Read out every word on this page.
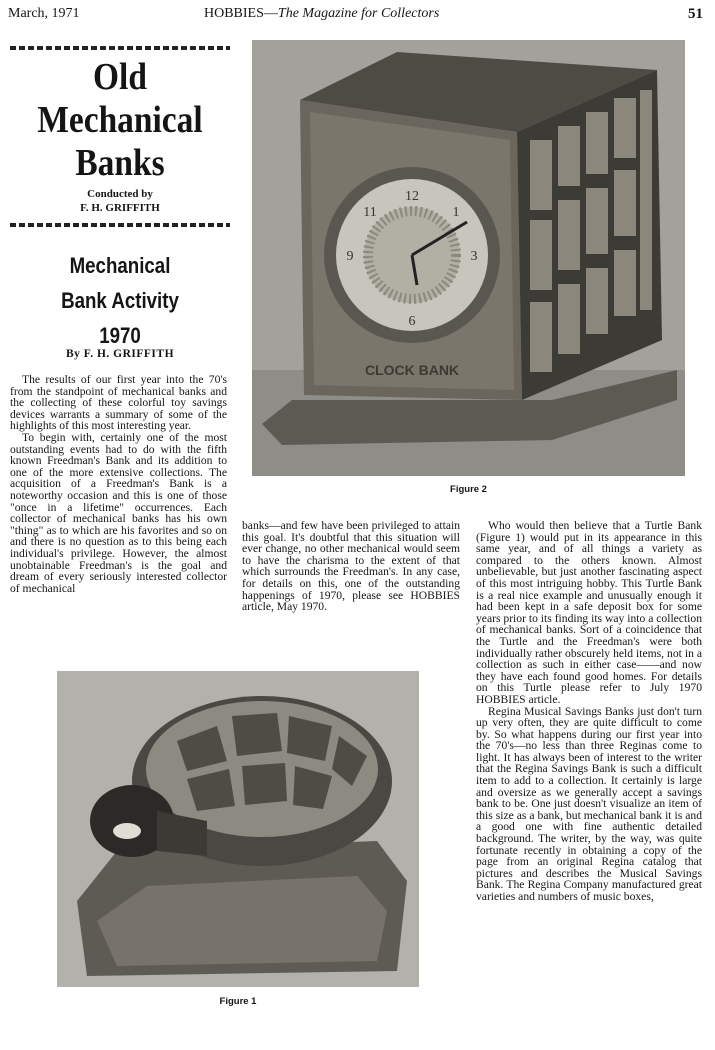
March, 1971	HOBBIES—The Magazine for Collectors	51
Old
Mechanical
Banks
Conducted by
F. H. GRIFFITH
Mechanical
Bank Activity
1970
By F. H. GRIFFITH
12
1
3
6
9
11
CLOCK BANK
Figure 2

The results of our first year into the 70's from the standpoint of mechanical banks and the collecting of these colorful toy savings devices warrants a summary of some of the highlights of this most interesting year.

To begin with, certainly one of the most outstanding events had to do with the fifth known Freedman's Bank and its addition to one of the more extensive collections. The acquisition of a Freedman's Bank is a noteworthy occasion and this is one of those "once in a lifetime" occurrences. Each collector of mechanical banks has his own "thing" as to which are his favorites and so on and there is no question as to this being each individual's privilege. However, the almost unobtainable Freedman's is the goal and dream of every seriously interested collector of mechanical

banks—and few have been privileged to attain this goal. It's doubtful that this situation will ever change, no other mechanical would seem to have the charisma to the extent of that which surrounds the Freedman's. In any case, for details on this, one of the outstanding happenings of 1970, please see HOBBIES article, May 1970.

Who would then believe that a Turtle Bank (Figure 1) would put in its appearance in this same year, and of all things a variety as compared to the others known. Almost unbelievable, but just another fascinating aspect of this most intriguing hobby. This Turtle Bank is a real nice example and unusually enough it had been kept in a safe deposit box for some years prior to its finding its way into a collection of mechanical banks. Sort of a coincidence that the Turtle and the Freedman's were both individually rather obscurely held items, not in a collection as such in either case——and now they have each found good homes. For details on this Turtle please refer to July 1970 HOBBIES article.

Regina Musical Savings Banks just don't turn up very often, they are quite difficult to come by. So what happens during our first year into the 70's—no less than three Reginas come to light. It has always been of interest to the writer that the Regina Savings Bank is such a difficult item to add to a collection. It certainly is large and oversize as we generally accept a savings bank to be. One just doesn't visualize an item of this size as a bank, but mechanical bank it is and a good one with fine authentic detailed background. The writer, by the way, was quite fortunate recently in obtaining a copy of the page from an original Regina catalog that pictures and describes the Musical Savings Bank. The Regina Company manufactured great varieties and numbers of music boxes,

Figure 1
